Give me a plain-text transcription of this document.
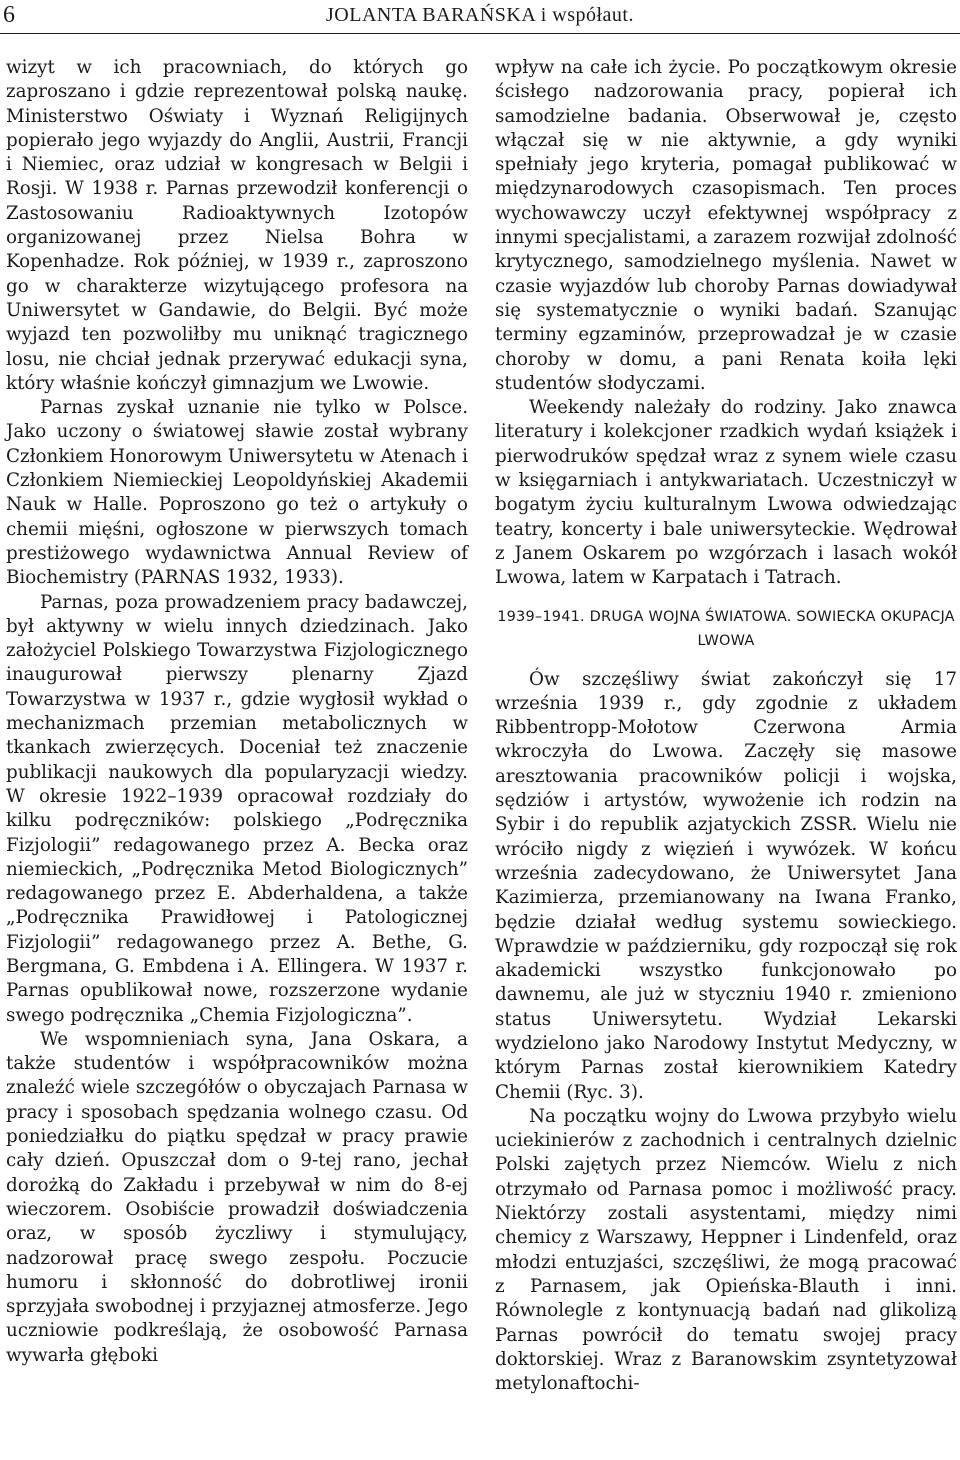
6	JOLANTA BARAŃSKA i współaut.

wizyt w ich pracowniach, do których go zaproszano i gdzie reprezentował polską naukę. Ministerstwo Oświaty i Wyznań Religijnych popierało jego wyjazdy do Anglii, Austrii, Francji i Niemiec, oraz udział w kongresach w Belgii i Rosji. W 1938 r. Parnas przewodził konferencji o Zastosowaniu Radioaktywnych Izotopów organizowanej przez Nielsa Bohra w Kopenhadze. Rok później, w 1939 r., zaproszono go w charakterze wizytującego profesora na Uniwersytet w Gandawie, do Belgii. Być może wyjazd ten pozwoliłby mu uniknąć tragicznego losu, nie chciał jednak przerywać edukacji syna, który właśnie kończył gimnazjum we Lwowie.

Parnas zyskał uznanie nie tylko w Polsce. Jako uczony o światowej sławie został wybrany Członkiem Honorowym Uniwersytetu w Atenach i Członkiem Niemieckiej Leopoldyńskiej Akademii Nauk w Halle. Poproszono go też o artykuły o chemii mięśni, ogłoszone w pierwszych tomach prestiżowego wydawnictwa Annual Review of Biochemistry (PARNAS 1932, 1933).

Parnas, poza prowadzeniem pracy badawczej, był aktywny w wielu innych dziedzinach. Jako założyciel Polskiego Towarzystwa Fizjologicznego inaugurował pierwszy plenarny Zjazd Towarzystwa w 1937 r., gdzie wygłosił wykład o mechanizmach przemian metabolicznych w tkankach zwierzęcych. Doceniał też znaczenie publikacji naukowych dla popularyzacji wiedzy. W okresie 1922–1939 opracował rozdziały do kilku podręczników: polskiego „Podręcznika Fizjologii” redagowanego przez A. Becka oraz niemieckich, „Podręcznika Metod Biologicznych” redagowanego przez E. Abderhaldena, a także „Podręcznika Prawidłowej i Patologicznej Fizjologii” redagowanego przez A. Bethe, G. Bergmana, G. Embdena i A. Ellingera. W 1937 r. Parnas opublikował nowe, rozszerzone wydanie swego podręcznika „Chemia Fizjologiczna”.

We wspomnieniach syna, Jana Oskara, a także studentów i współpracowników można znaleźć wiele szczegółów o obyczajach Parnasa w pracy i sposobach spędzania wolnego czasu. Od poniedziałku do piątku spędzał w pracy prawie cały dzień. Opuszczał dom o 9-tej rano, jechał dorożką do Zakładu i przebywał w nim do 8-ej wieczorem. Osobiście prowadził doświadczenia oraz, w sposób życzliwy i stymulujący, nadzorował pracę swego zespołu. Poczucie humoru i skłonność do dobrotliwej ironii sprzyjała swobodnej i przyjaznej atmosferze. Jego uczniowie podkreślają, że osobowość Parnasa wywarła głęboki

wpływ na całe ich życie. Po początkowym okresie ścisłego nadzorowania pracy, popierał ich samodzielne badania. Obserwował je, często włączał się w nie aktywnie, a gdy wyniki spełniały jego kryteria, pomagał publikować w międzynarodowych czasopismach. Ten proces wychowawczy uczył efektywnej współpracy z innymi specjalistami, a zarazem rozwijał zdolność krytycznego, samodzielnego myślenia. Nawet w czasie wyjazdów lub choroby Parnas dowiadywał się systematycznie o wyniki badań. Szanując terminy egzaminów, przeprowadzał je w czasie choroby w domu, a pani Renata koiła lęki studentów słodyczami.

Weekendy należały do rodziny. Jako znawca literatury i kolekcjoner rzadkich wydań książek i pierwodruków spędzał wraz z synem wiele czasu w księgarniach i antykwariatach. Uczestniczył w bogatym życiu kulturalnym Lwowa odwiedzając teatry, koncerty i bale uniwersyteckie. Wędrował z Janem Oskarem po wzgórzach i lasach wokół Lwowa, latem w Karpatach i Tatrach.

1939–1941. DRUGA WOJNA ŚWIATOWA. SOWIECKA OKUPACJA LWOWA

Ów szczęśliwy świat zakończył się 17 września 1939 r., gdy zgodnie z układem Ribbentropp-Mołotow Czerwona Armia wkroczyła do Lwowa. Zaczęły się masowe aresztowania pracowników policji i wojska, sędziów i artystów, wywożenie ich rodzin na Sybir i do republik azjatyckich ZSSR. Wielu nie wróciło nigdy z więzień i wywózek. W końcu września zadecydowano, że Uniwersytet Jana Kazimierza, przemianowany na Iwana Franko, będzie działał według systemu sowieckiego. Wprawdzie w październiku, gdy rozpoczął się rok akademicki wszystko funkcjonowało po dawnemu, ale już w styczniu 1940 r. zmieniono status Uniwersytetu. Wydział Lekarski wydzielono jako Narodowy Instytut Medyczny, w którym Parnas został kierownikiem Katedry Chemii (Ryc. 3).

Na początku wojny do Lwowa przybyło wielu uciekinierów z zachodnich i centralnych dzielnic Polski zajętych przez Niemców. Wielu z nich otrzymało od Parnasa pomoc i możliwość pracy. Niektórzy zostali asystentami, między nimi chemicy z Warszawy, Heppner i Lindenfeld, oraz młodzi entuzjaści, szczęśliwi, że mogą pracować z Parnasem, jak Opieńska-Blauth i inni. Równolegle z kontynuacją badań nad glikolizą Parnas powrócił do tematu swojej pracy doktorskiej. Wraz z Baranowskim zsyntetyzował metylonaftochi-
